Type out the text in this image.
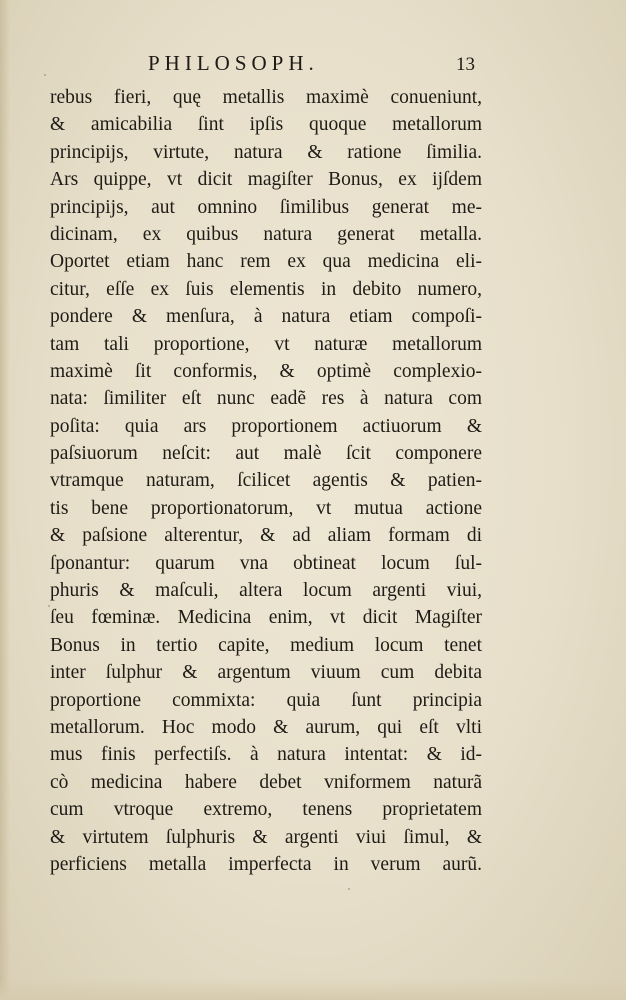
PHILOSOPH.	13
rebus fieri, quę metallis maximè conueniunt,
& amicabilia ſint ipſis quoque metallorum
principijs, virtute, natura & ratione ſimilia.
Ars quippe, vt dicit magiſter Bonus, ex ijſdem
principijs, aut omnino ſimilibus generat me-
dicinam, ex quibus natura generat metalla.
Oportet etiam hanc rem ex qua medicina eli-
citur, eſſe ex ſuis elementis in debito numero,
pondere & menſura, à natura etiam compoſi-
tam tali proportione, vt naturæ metallorum
maximè ſit conformis, & optimè complexio-
nata: ſimiliter eſt nunc eadẽ res à natura com
poſita: quia ars proportionem actiuorum &
paſsiuorum neſcit: aut malè ſcit componere
vtramque naturam, ſcilicet agentis & patien-
tis bene proportionatorum, vt mutua actione
& paſsione alterentur, & ad aliam formam di
ſponantur: quarum vna obtineat locum ſul-
phuris & maſculi, altera locum argenti viui,
ſeu fœminæ. Medicina enim, vt dicit Magiſter
Bonus in tertio capite, medium locum tenet
inter ſulphur & argentum viuum cum debita
proportione commixta: quia ſunt principia
metallorum. Hoc modo & aurum, qui eſt vlti
mus finis perfectiſs. à natura intentat: & id-
cò medicina habere debet vniformem naturã
cum vtroque extremo, tenens proprietatem
& virtutem ſulphuris & argenti viui ſimul, &
perficiens metalla imperfecta in verum aurũ.
